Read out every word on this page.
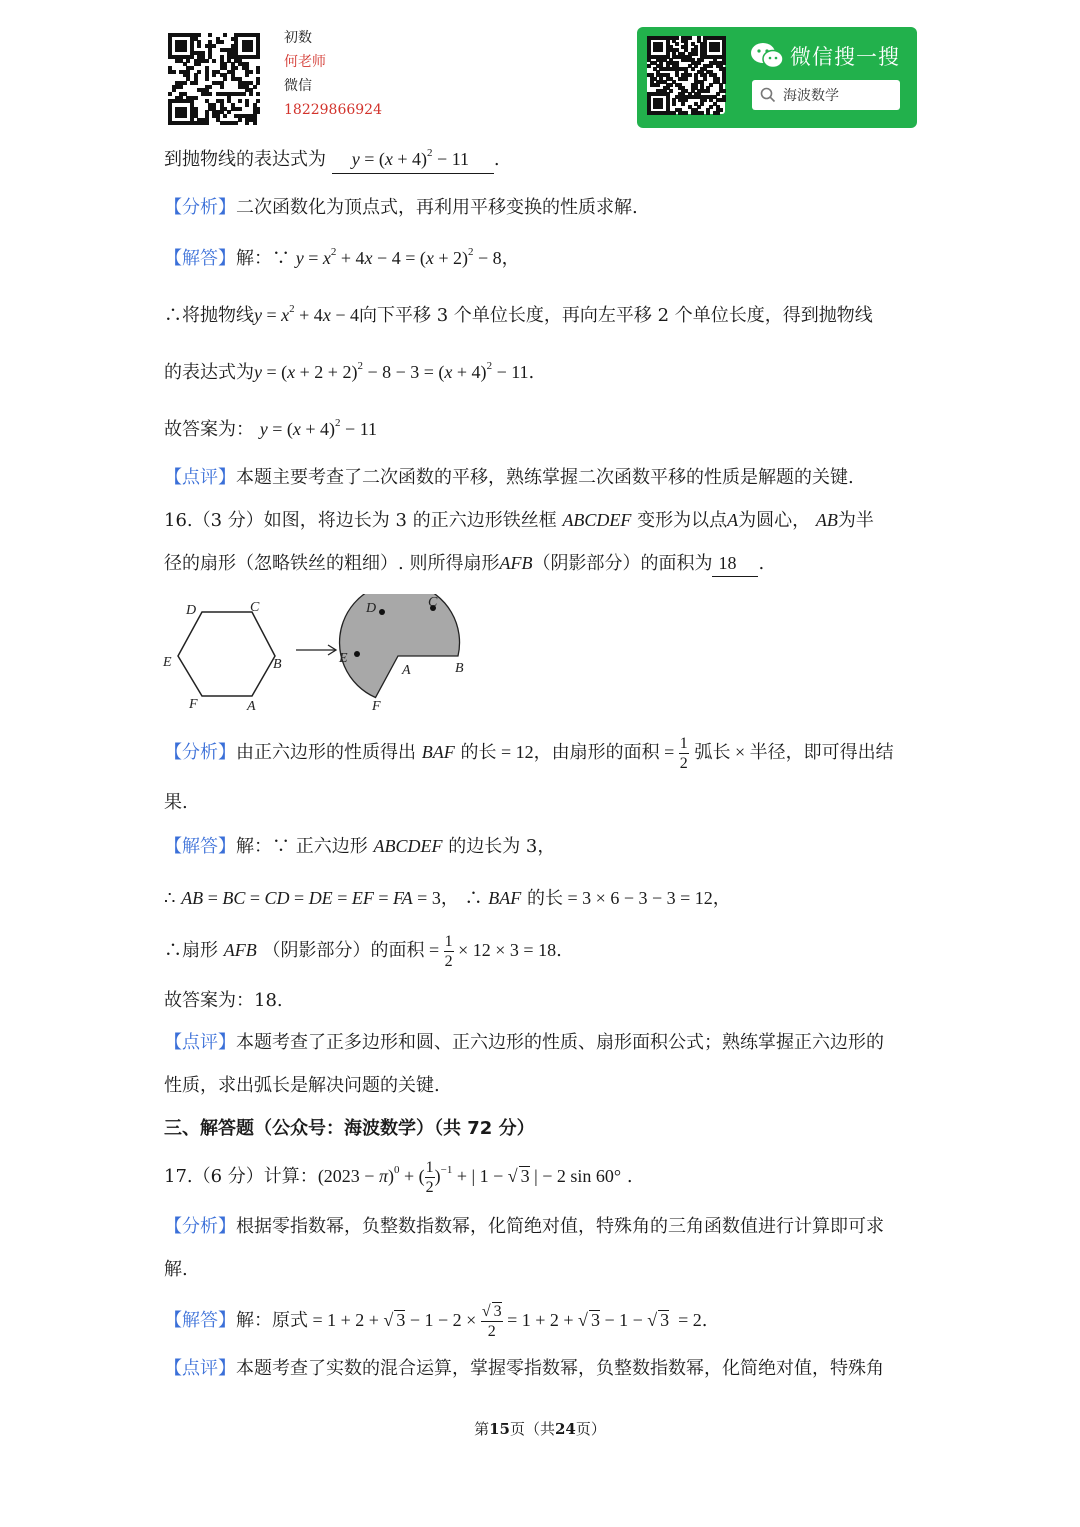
初数
何老师
微信
18229866924
微信搜一搜
海波数学
到抛物线的表达式为 $y = (x + 4)^2 - 11$ .
【分析】二次函数化为顶点式，再利用平移变换的性质求解.
【解答】解：∵ $y = x^2 + 4x - 4 = (x + 2)^2 - 8$，
∴将抛物线$y = x^2 + 4x - 4$向下平移 3 个单位长度，再向左平移 2 个单位长度，得到抛物线
的表达式为$y = (x + 2 + 2)^2 - 8 - 3 = (x + 4)^2 - 11$.
故答案为： $y = (x + 4)^2 - 11$
【点评】本题主要考查了二次函数的平移，熟练掌握二次函数平移的性质是解题的关键.
16.（3 分）如图，将边长为 3 的正六边形铁丝框 ABCDEF 变形为以点A为圆心， AB为半
径的扇形（忽略铁丝的粗细）. 则所得扇形AFB（阴影部分）的面积为 18 .
D	C
E	B
F	A
D	C
E
A	B
F
【分析】由正六边形的性质得出 BAF 的长 = 12，由扇形的面积 = $\frac{1}{2}$ 弧长 × 半径，即可得出结
果.
【解答】解：∵ 正六边形 ABCDEF 的边长为 3，
∴ AB = BC = CD = DE = EF = FA = 3， ∴ BAF 的长 = 3 × 6 − 3 − 3 = 12，
∴扇形 AFB （阴影部分）的面积 = $\frac{1}{2} \times 12 \times 3 = 18$.
故答案为：18.
【点评】本题考查了正多边形和圆、正六边形的性质、扇形面积公式；熟练掌握正六边形的
性质，求出弧长是解决问题的关键.
三、解答题（公众号：海波数学）（共 72 分）
17.（6 分）计算：$(2023 - \pi)^0$ + ( $\frac{1}{2} )^{-1}$ + | 1 − √ 3 | − 2 sin 60° .
【分析】根据零指数幂，负整数指数幂，化简绝对值，特殊角的三角函数值进行计算即可求
解.
【解答】解：原式 = 1 + 2 + √ $3 - 1 - 2 \times \frac{√ 3}{2} = 1 + 2$ + √ 3 − 1 − √ 3  = 2.
【点评】本题考查了实数的混合运算，掌握零指数幂，负整数指数幂，化简绝对值，特殊角
第15页（共24页）
